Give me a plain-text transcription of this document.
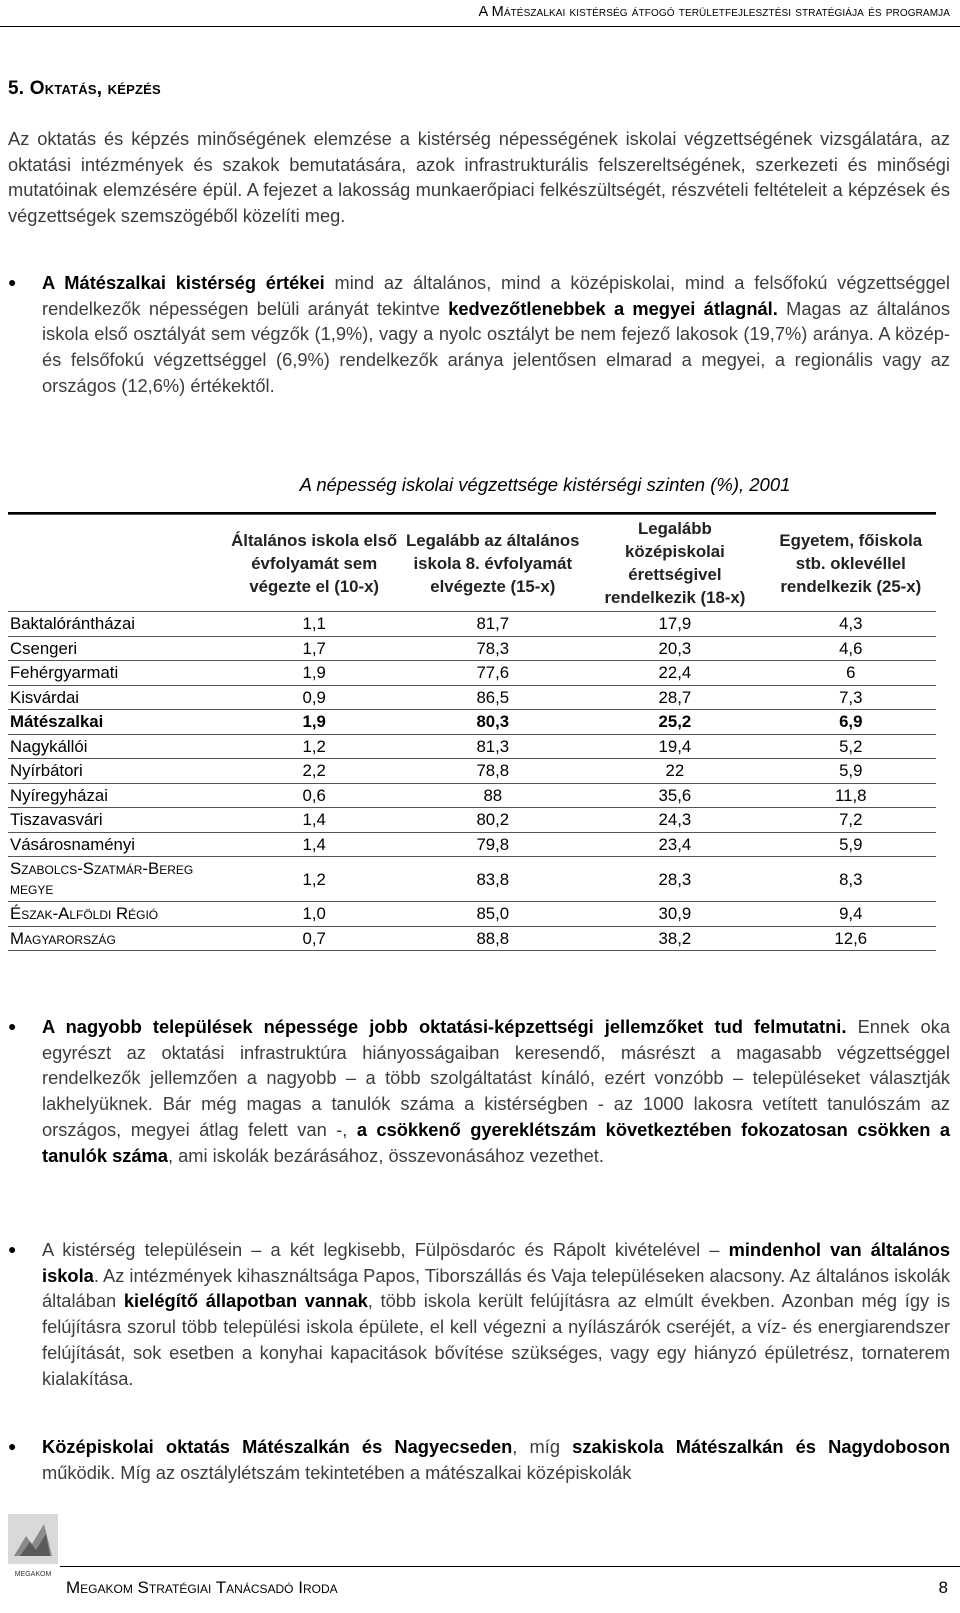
A Mátészalkai kistérség átfogó területfejlesztési stratégiája és programja
5. Oktatás, képzés

Az oktatás és képzés minőségének elemzése a kistérség népességének iskolai végzettségének vizsgálatára, az oktatási intézmények és szakok bemutatására, azok infrastrukturális felszereltségének, szerkezeti és minőségi mutatóinak elemzésére épül. A fejezet a lakosság munkaerőpiaci felkészültségét, részvételi feltételeit a képzések és végzettségek szemszögéből közelíti meg.

●	A Mátészalkai kistérség értékei mind az általános, mind a középiskolai, mind a felsőfokú végzettséggel rendelkezők népességen belüli arányát tekintve kedvezőtlenebbek a megyei átlagnál. Magas az általános iskola első osztályát sem végzők (1,9%), vagy a nyolc osztályt be nem fejező lakosok (19,7%) aránya. A közép- és felsőfokú végzettséggel (6,9%) rendelkezők aránya jelentősen elmarad a megyei, a regionális vagy az országos (12,6%) értékektől.
A népesség iskolai végzettsége kistérségi szinten (%), 2001

	Általános iskola első évfolyamát sem végezte el (10-x)	Legalább az általános iskola 8. évfolyamát elvégezte (15-x)	Legalább középiskolai érettségivel rendelkezik (18-x)	Egyetem, főiskola stb. oklevéllel rendelkezik (25-x)
Baktalórántházai	1,1	81,7	17,9	4,3
Csengeri	1,7	78,3	20,3	4,6
Fehérgyarmati	1,9	77,6	22,4	6
Kisvárdai	0,9	86,5	28,7	7,3
Mátészalkai	1,9	80,3	25,2	6,9
Nagykállói	1,2	81,3	19,4	5,2
Nyírbátori	2,2	78,8	22	5,9
Nyíregyházai	0,6	88	35,6	11,8
Tiszavasvári	1,4	80,2	24,3	7,2
Vásárosnaményi	1,4	79,8	23,4	5,9
Szabolcs-Szatmár-Bereg megye	1,2	83,8	28,3	8,3
Észak-Alföldi Régió	1,0	85,0	30,9	9,4
Magyarország	0,7	88,8	38,2	12,6
●	A nagyobb települések népessége jobb oktatási-képzettségi jellemzőket tud felmutatni. Ennek oka egyrészt az oktatási infrastruktúra hiányosságaiban keresendő, másrészt a magasabb végzettséggel rendelkezők jellemzően a nagyobb – a több szolgáltatást kínáló, ezért vonzóbb – településeket választják lakhelyüknek. Bár még magas a tanulók száma a kistérségben - az 1000 lakosra vetített tanulószám az országos, megyei átlag felett van -, a csökkenő gyereklétszám következtében fokozatosan csökken a tanulók száma, ami iskolák bezárásához, összevonásához vezethet.
●	A kistérség településein – a két legkisebb, Fülpösdaróc és Rápolt kivételével – mindenhol van általános iskola. Az intézmények kihasználtsága Papos, Tiborszállás és Vaja településeken alacsony. Az általános iskolák általában kielégítő állapotban vannak, több iskola került felújításra az elmúlt években. Azonban még így is felújításra szorul több települési iskola épülete, el kell végezni a nyílászárók cseréjét, a víz- és energiarendszer felújítását, sok esetben a konyhai kapacitások bővítése szükséges, vagy egy hiányzó épületrész, tornaterem kialakítása.
●	Középiskolai oktatás Mátészalkán és Nagyecseden, míg szakiskola Mátészalkán és Nagydoboson működik. Míg az osztálylétszám tekintetében a mátészalkai középiskolák
MEGAKOM
Megakom Stratégiai Tanácsadó Iroda	8
